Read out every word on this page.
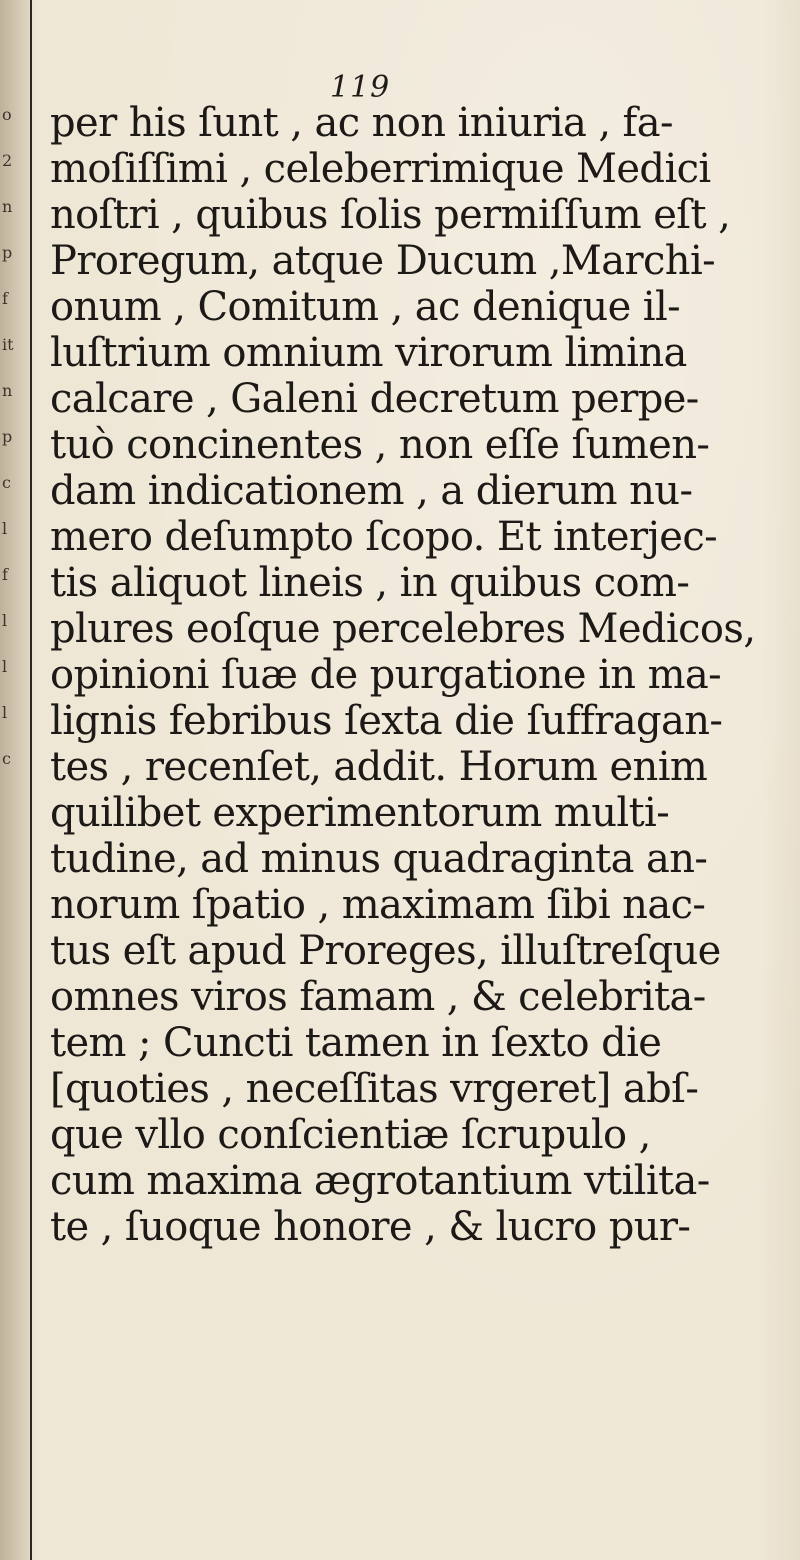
o
2
n
p
f
it
n
p
c
l
f
l
l
l
c
119
per his ſunt , ac non iniuria , fa-
moſiſſimi , celeberrimique Medici
noſtri , quibus ſolis permiſſum eſt ,
Proregum, atque Ducum ,Marchi-
onum , Comitum , ac denique il-
luſtrium omnium virorum limina
calcare , Galeni decretum perpe-
tuò concinentes , non eſſe ſumen-
dam indicationem , a dierum nu-
mero deſumpto ſcopo. Et interjec-
tis aliquot lineis , in quibus com-
plures eoſque percelebres Medicos,
opinioni ſuæ de purgatione in ma-
lignis febribus ſexta die ſuffragan-
tes , recenſet, addit. Horum enim
quilibet experimentorum multi-
tudine, ad minus quadraginta an-
norum ſpatio , maximam ſibi nac-
tus eſt apud Proreges, illuſtreſque
omnes viros famam , & celebrita-
tem ; Cuncti tamen in ſexto die
[quoties , neceſſitas vrgeret] abſ-
que vllo conſcientiæ ſcrupulo ,
cum maxima ægrotantium vtilita-
te , ſuoque honore , & lucro pur-
